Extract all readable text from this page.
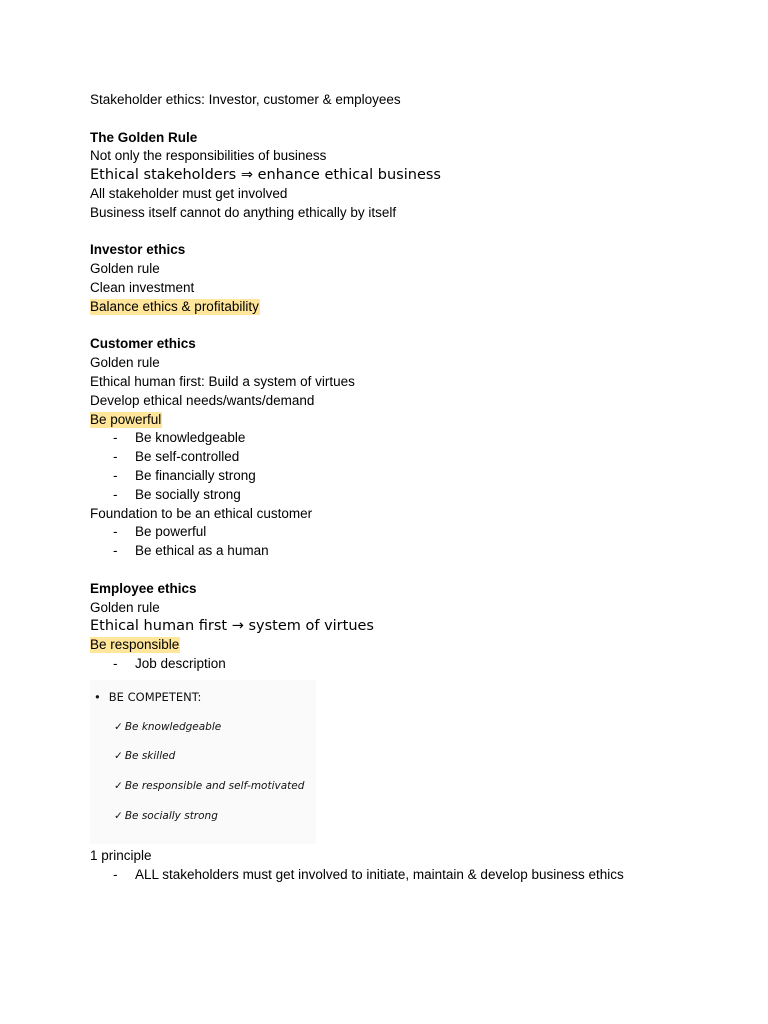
Stakeholder ethics: Investor, customer & employees
The Golden Rule
Not only the responsibilities of business
Ethical stakeholders ⇒ enhance ethical business
All stakeholder must get involved
Business itself cannot do anything ethically by itself
Investor ethics
Golden rule
Clean investment
Balance ethics & profitability
Customer ethics
Golden rule
Ethical human first: Build a system of virtues
Develop ethical needs/wants/demand
Be powerful
- Be knowledgeable
- Be self-controlled
- Be financially strong
- Be socially strong
Foundation to be an ethical customer
- Be powerful
- Be ethical as a human
Employee ethics
Golden rule
Ethical human first → system of virtues
Be responsible
- Job description
• BE COMPETENT:
✓ Be knowledgeable
✓ Be skilled
✓ Be responsible and self-motivated
✓ Be socially strong
1 principle
- ALL stakeholders must get involved to initiate, maintain & develop business ethics
